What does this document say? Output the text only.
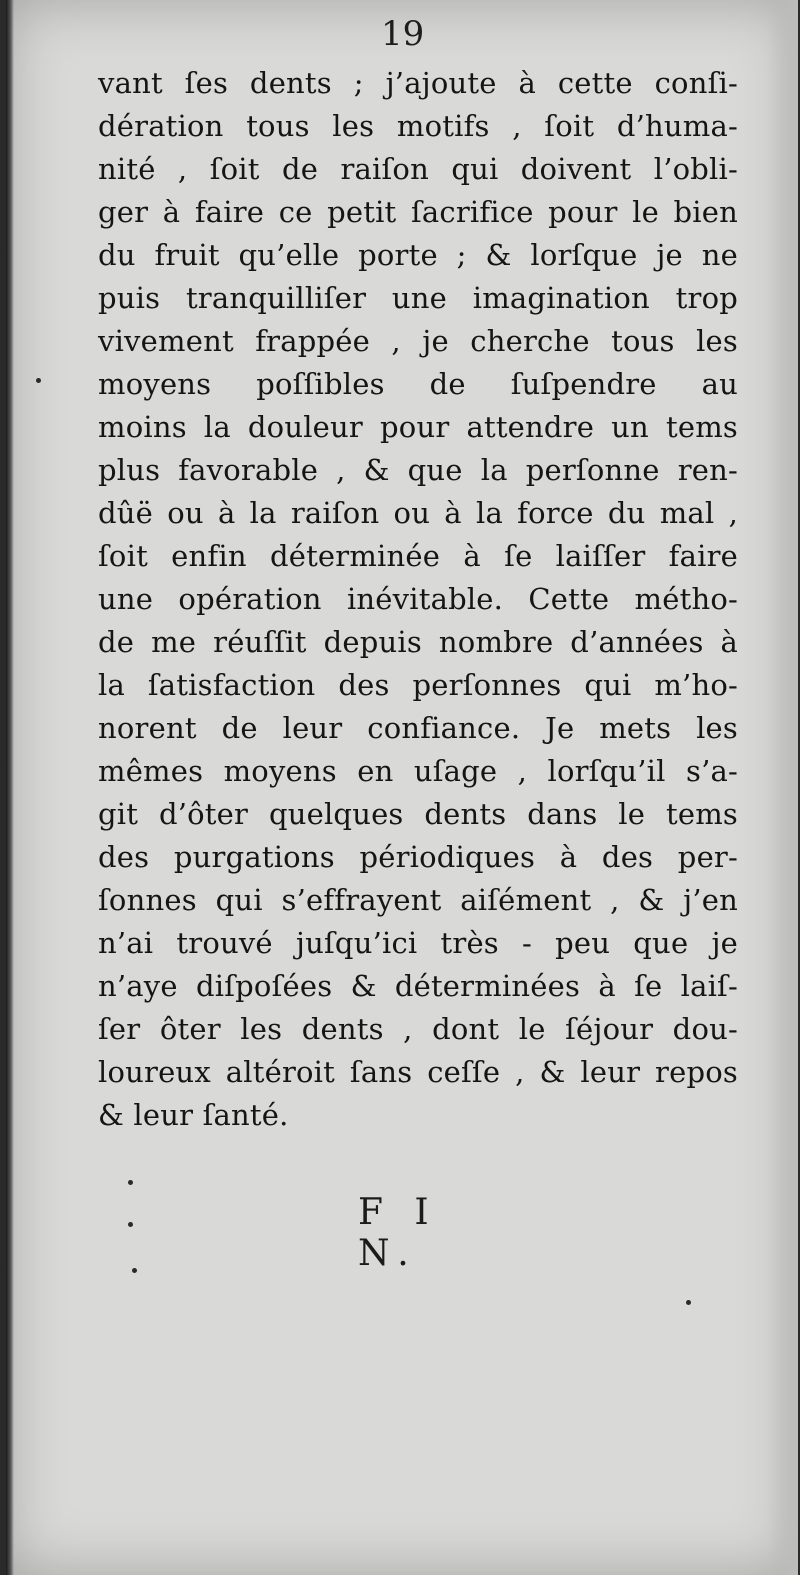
19
vant ſes dents ; j’ajoute à cette conſi-
dération tous les motifs , ſoit d’huma-
nité , ſoit de raiſon qui doivent l’obli-
ger à faire ce petit ſacrifice pour le bien
du fruit qu’elle porte ; & lorſque je ne
puis tranquilliſer une imagination trop
vivement frappée , je cherche tous les
moyens poſſibles de ſuſpendre au
moins la douleur pour attendre un tems
plus favorable , & que la perſonne ren-
dûë ou à la raiſon ou à la force du mal ,
ſoit enfin déterminée à ſe laiſſer faire
une opération inévitable. Cette métho-
de me réuſſit depuis nombre d’années à
la ſatisfaction des perſonnes qui m’ho-
norent de leur confiance. Je mets les
mêmes moyens en uſage , lorſqu’il s’a-
git d’ôter quelques dents dans le tems
des purgations périodiques à des per-
ſonnes qui s’effrayent aiſément , & j’en
n’ai trouvé juſqu’ici très - peu que je
n’aye diſpoſées & déterminées à ſe laiſ-
ſer ôter les dents , dont le ſéjour dou-
loureux altéroit ſans ceſſe , & leur repos
& leur ſanté.
F I N.
